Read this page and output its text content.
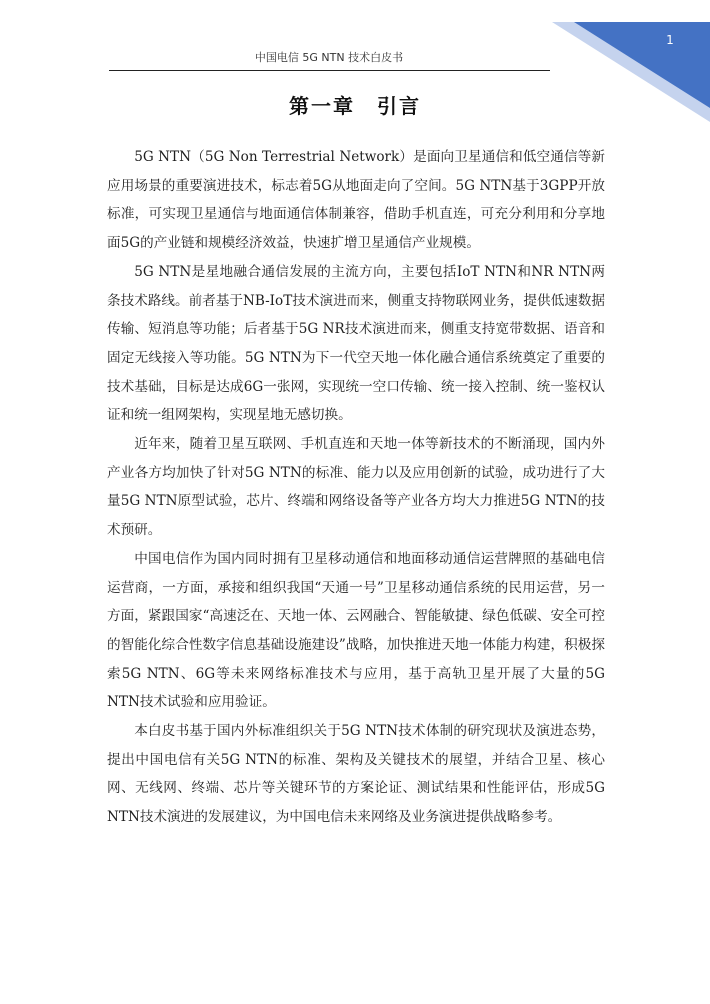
1
中国电信 5G NTN 技术白皮书
第一章　引言

5G NTN（5G Non Terrestrial Network）是面向卫星通信和低空通信等新应用场景的重要演进技术，标志着5G从地面走向了空间。5G NTN基于3GPP开放标准，可实现卫星通信与地面通信体制兼容，借助手机直连，可充分利用和分享地面5G的产业链和规模经济效益，快速扩增卫星通信产业规模。

5G NTN是星地融合通信发展的主流方向，主要包括IoT NTN和NR NTN两条技术路线。前者基于NB-IoT技术演进而来，侧重支持物联网业务，提供低速数据传输、短消息等功能；后者基于5G NR技术演进而来，侧重支持宽带数据、语音和固定无线接入等功能。5G NTN为下一代空天地一体化融合通信系统奠定了重要的技术基础，目标是达成6G一张网，实现统一空口传输、统一接入控制、统一鉴权认证和统一组网架构，实现星地无感切换。

近年来，随着卫星互联网、手机直连和天地一体等新技术的不断涌现，国内外产业各方均加快了针对5G NTN的标准、能力以及应用创新的试验，成功进行了大量5G NTN原型试验，芯片、终端和网络设备等产业各方均大力推进5G NTN的技术预研。

中国电信作为国内同时拥有卫星移动通信和地面移动通信运营牌照的基础电信运营商，一方面，承接和组织我国“天通一号”卫星移动通信系统的民用运营，另一方面，紧跟国家“高速泛在、天地一体、云网融合、智能敏捷、绿色低碳、安全可控的智能化综合性数字信息基础设施建设”战略，加快推进天地一体能力构建，积极探索5G NTN、6G等未来网络标准技术与应用，基于高轨卫星开展了大量的5G NTN技术试验和应用验证。

本白皮书基于国内外标准组织关于5G NTN技术体制的研究现状及演进态势，提出中国电信有关5G NTN的标准、架构及关键技术的展望，并结合卫星、核心网、无线网、终端、芯片等关键环节的方案论证、测试结果和性能评估，形成5G NTN技术演进的发展建议，为中国电信未来网络及业务演进提供战略参考。
